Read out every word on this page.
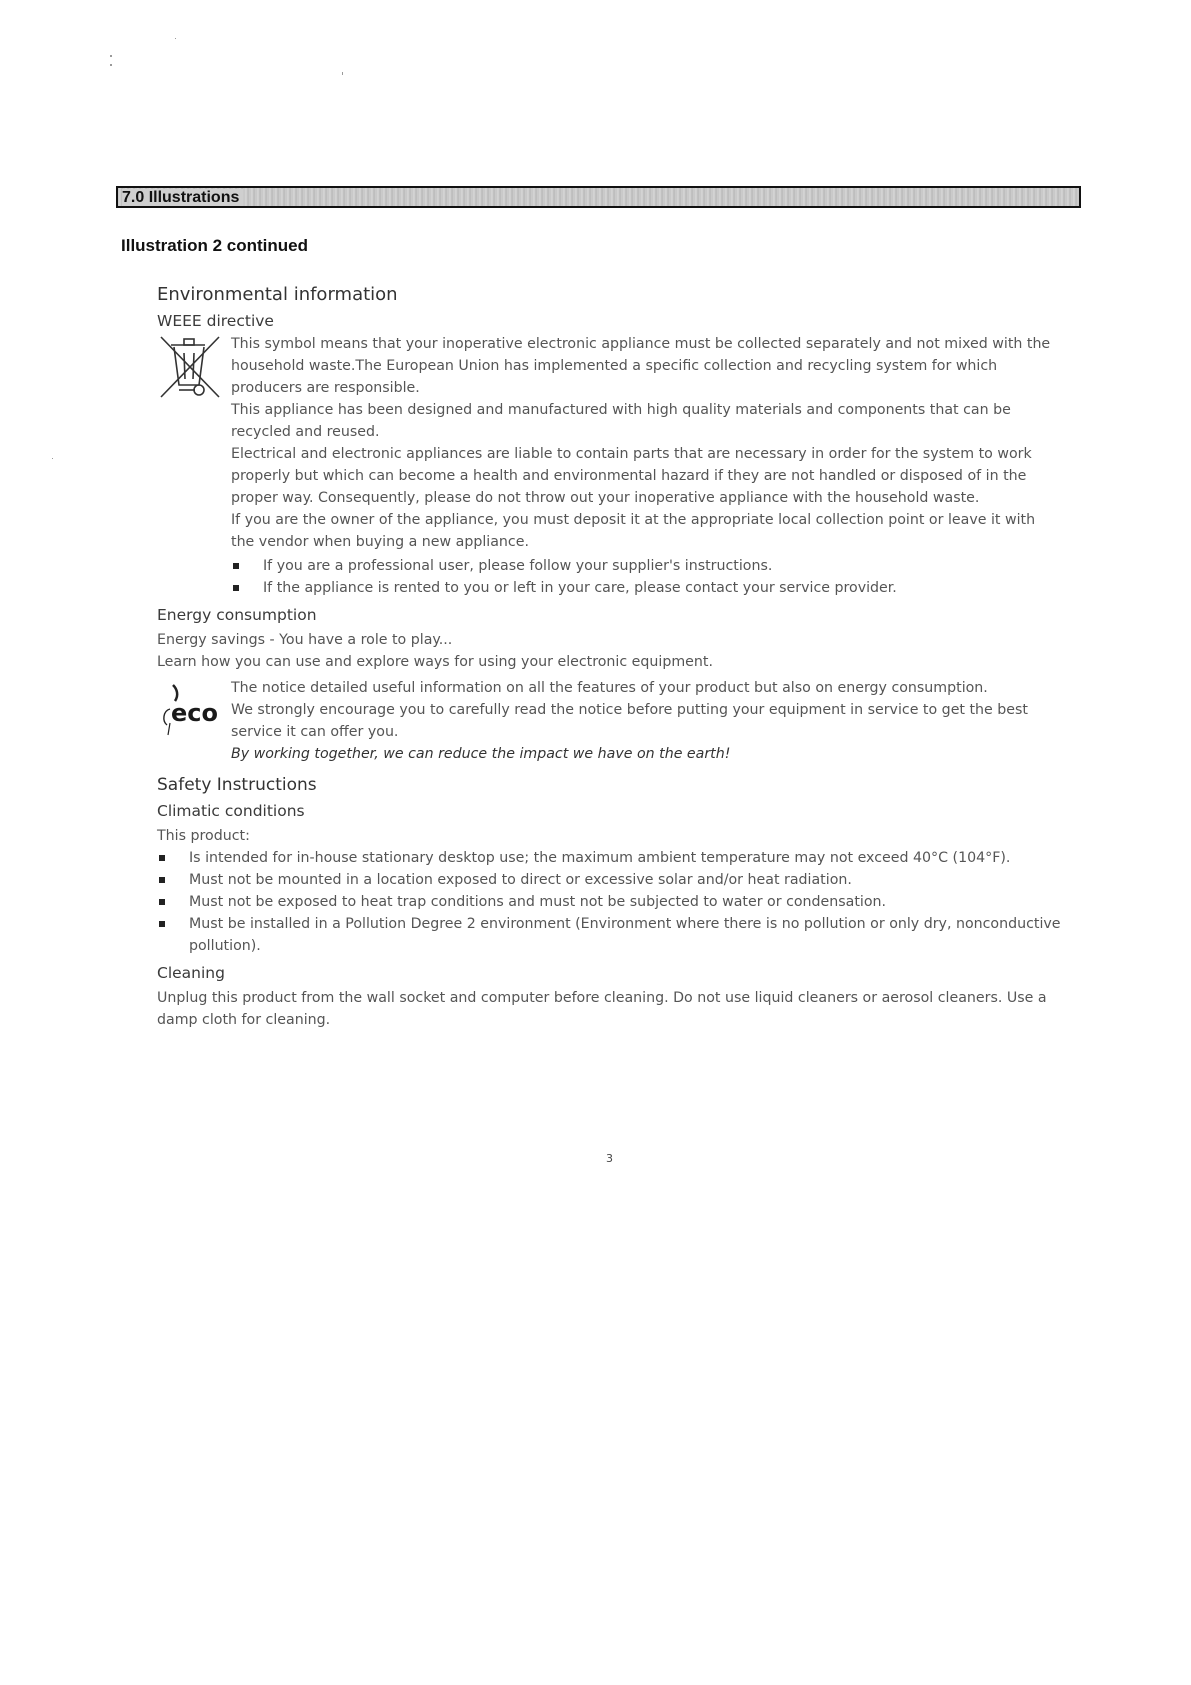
7.0 Illustrations
Illustration 2 continued
Environmental information
WEEE directive

This symbol means that your inoperative electronic appliance must be collected separately and not mixed with the household waste.The European Union has implemented a specific collection and recycling system for which producers are responsible.

This appliance has been designed and manufactured with high quality materials and components that can be recycled and reused.

Electrical and electronic appliances are liable to contain parts that are necessary in order for the system to work properly but which can become a health and environmental hazard if they are not handled or disposed of in the proper way. Consequently, please do not throw out your inoperative appliance with the household waste.

If you are the owner of the appliance, you must deposit it at the appropriate local collection point or leave it with the vendor when buying a new appliance.

If you are a professional user, please follow your supplier's instructions.
If the appliance is rented to you or left in your care, please contact your service provider.
Energy consumption

Energy savings - You have a role to play...

Learn how you can use and explore ways for using your electronic equipment.

eco

The notice detailed useful information on all the features of your product but also on energy consumption.

We strongly encourage you to carefully read the notice before putting your equipment in service to get the best service it can offer you.

By working together, we can reduce the impact we have on the earth!

Safety Instructions
Climatic conditions

This product:

Is intended for in-house stationary desktop use; the maximum ambient temperature may not exceed 40°C (104°F).
Must not be mounted in a location exposed to direct or excessive solar and/or heat radiation.
Must not be exposed to heat trap conditions and must not be subjected to water or condensation.
Must be installed in a Pollution Degree 2 environment (Environment where there is no pollution or only dry, nonconductive pollution).
Cleaning

Unplug this product from the wall socket and computer before cleaning. Do not use liquid cleaners or aerosol cleaners. Use a damp cloth for cleaning.

3
